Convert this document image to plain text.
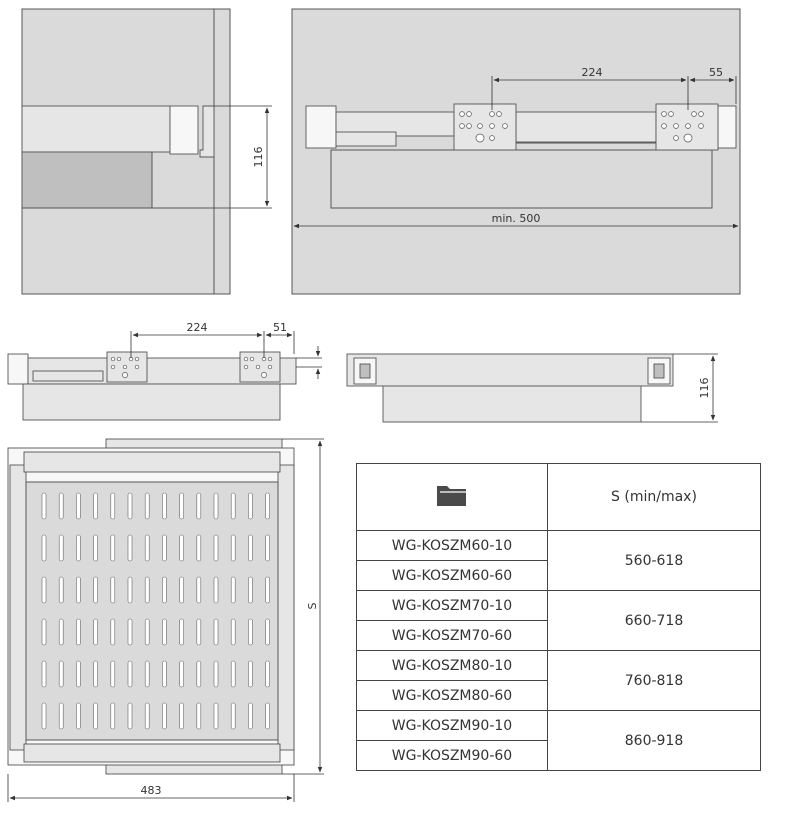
116
224	55
min. 500
224	51
116
S
483
	S (min/max)
WG-KOSZM60-10	560-618
WG-KOSZM60-60	
WG-KOSZM70-10	660-718
WG-KOSZM70-60	
WG-KOSZM80-10	760-818
WG-KOSZM80-60	
WG-KOSZM90-10	860-918
WG-KOSZM90-60	
